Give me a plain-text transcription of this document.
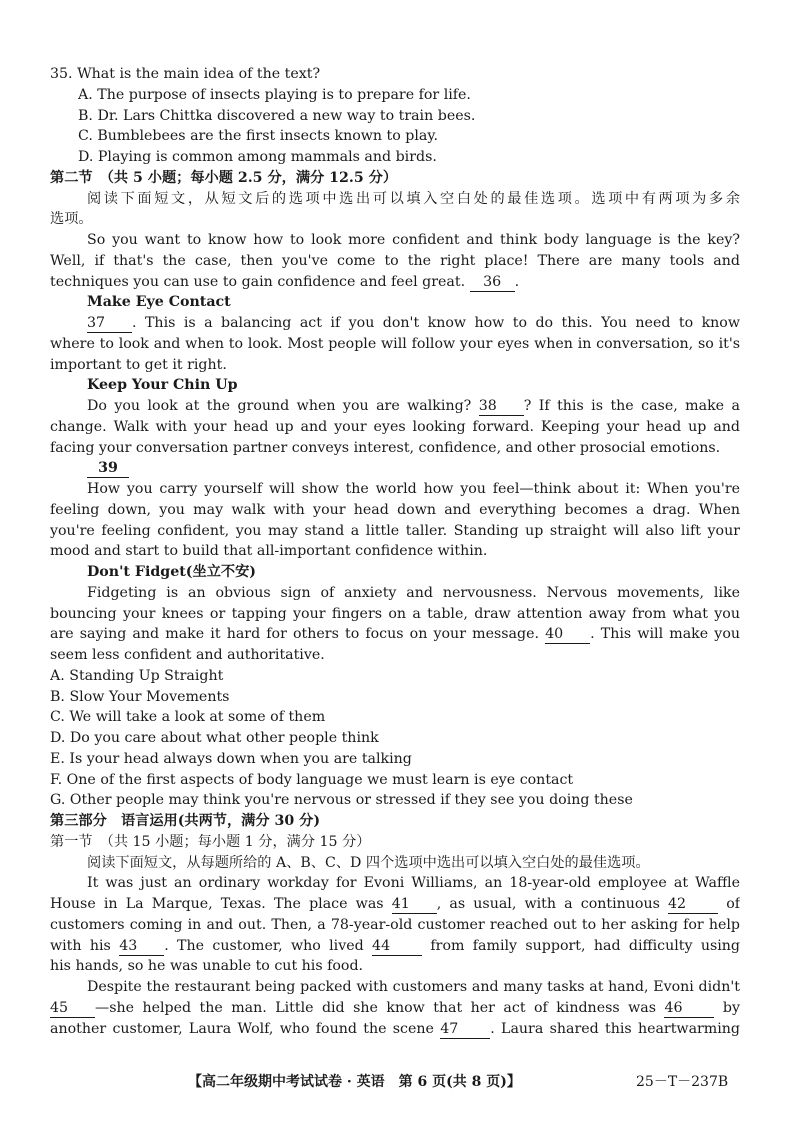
35. What is the main idea of the text?
A. The purpose of insects playing is to prepare for life.
B. Dr. Lars Chittka discovered a new way to train bees.
C. Bumblebees are the first insects known to play.
D. Playing is common among mammals and birds.
第二节　（共 5 小题；每小题 2.5 分，满分 12.5 分）
阅读下面短文，从短文后的选项中选出可以填入空白处的最佳选项。选项中有两项为多余
选项。
So you want to know how to look more confident and think body language is the key?
Well, if that's the case, then you've come to the right place! There are many tools and
techniques you can use to gain confidence and feel great. 36 .
Make Eye Contact
37 . This is a balancing act if you don't know how to do this. You need to know
where to look and when to look. Most people will follow your eyes when in conversation, so it's
important to get it right.
Keep Your Chin Up
Do you look at the ground when you are walking? 38 ? If this is the case, make a
change. Walk with your head up and your eyes looking forward. Keeping your head up and
facing your conversation partner conveys interest, confidence, and other prosocial emotions.
39
How you carry yourself will show the world how you feel—think about it: When you're
feeling down, you may walk with your head down and everything becomes a drag. When
you're feeling confident, you may stand a little taller. Standing up straight will also lift your
mood and start to build that all-important confidence within.
Don't Fidget(坐立不安)
Fidgeting is an obvious sign of anxiety and nervousness. Nervous movements, like
bouncing your knees or tapping your fingers on a table, draw attention away from what you
are saying and make it hard for others to focus on your message. 40 . This will make you
seem less confident and authoritative.
A. Standing Up Straight
B. Slow Your Movements
C. We will take a look at some of them
D. Do you care about what other people think
E. Is your head always down when you are talking
F. One of the first aspects of body language we must learn is eye contact
G. Other people may think you're nervous or stressed if they see you doing these
第三部分　语言运用(共两节，满分 30 分)
第一节　（共 15 小题；每小题 1 分，满分 15 分）
阅读下面短文，从每题所给的 A、B、C、D 四个选项中选出可以填入空白处的最佳选项。
It was just an ordinary workday for Evoni Williams, an 18-year-old employee at Waffle
House in La Marque, Texas. The place was 41 , as usual, with a continuous 42	of
customers coming in and out. Then, a 78-year-old customer reached out to her asking for help
with his 43 . The customer, who lived 44	from family support, had difficulty using
his hands, so he was unable to cut his food.
Despite the restaurant being packed with customers and many tasks at hand, Evoni didn't
45 —she helped the man. Little did she know that her act of kindness was 46	by
another customer, Laura Wolf, who found the scene 47 . Laura shared this heartwarming
【高二年级期中考试试卷 · 英语　第 6 页(共 8 页)】	25－T－237B
